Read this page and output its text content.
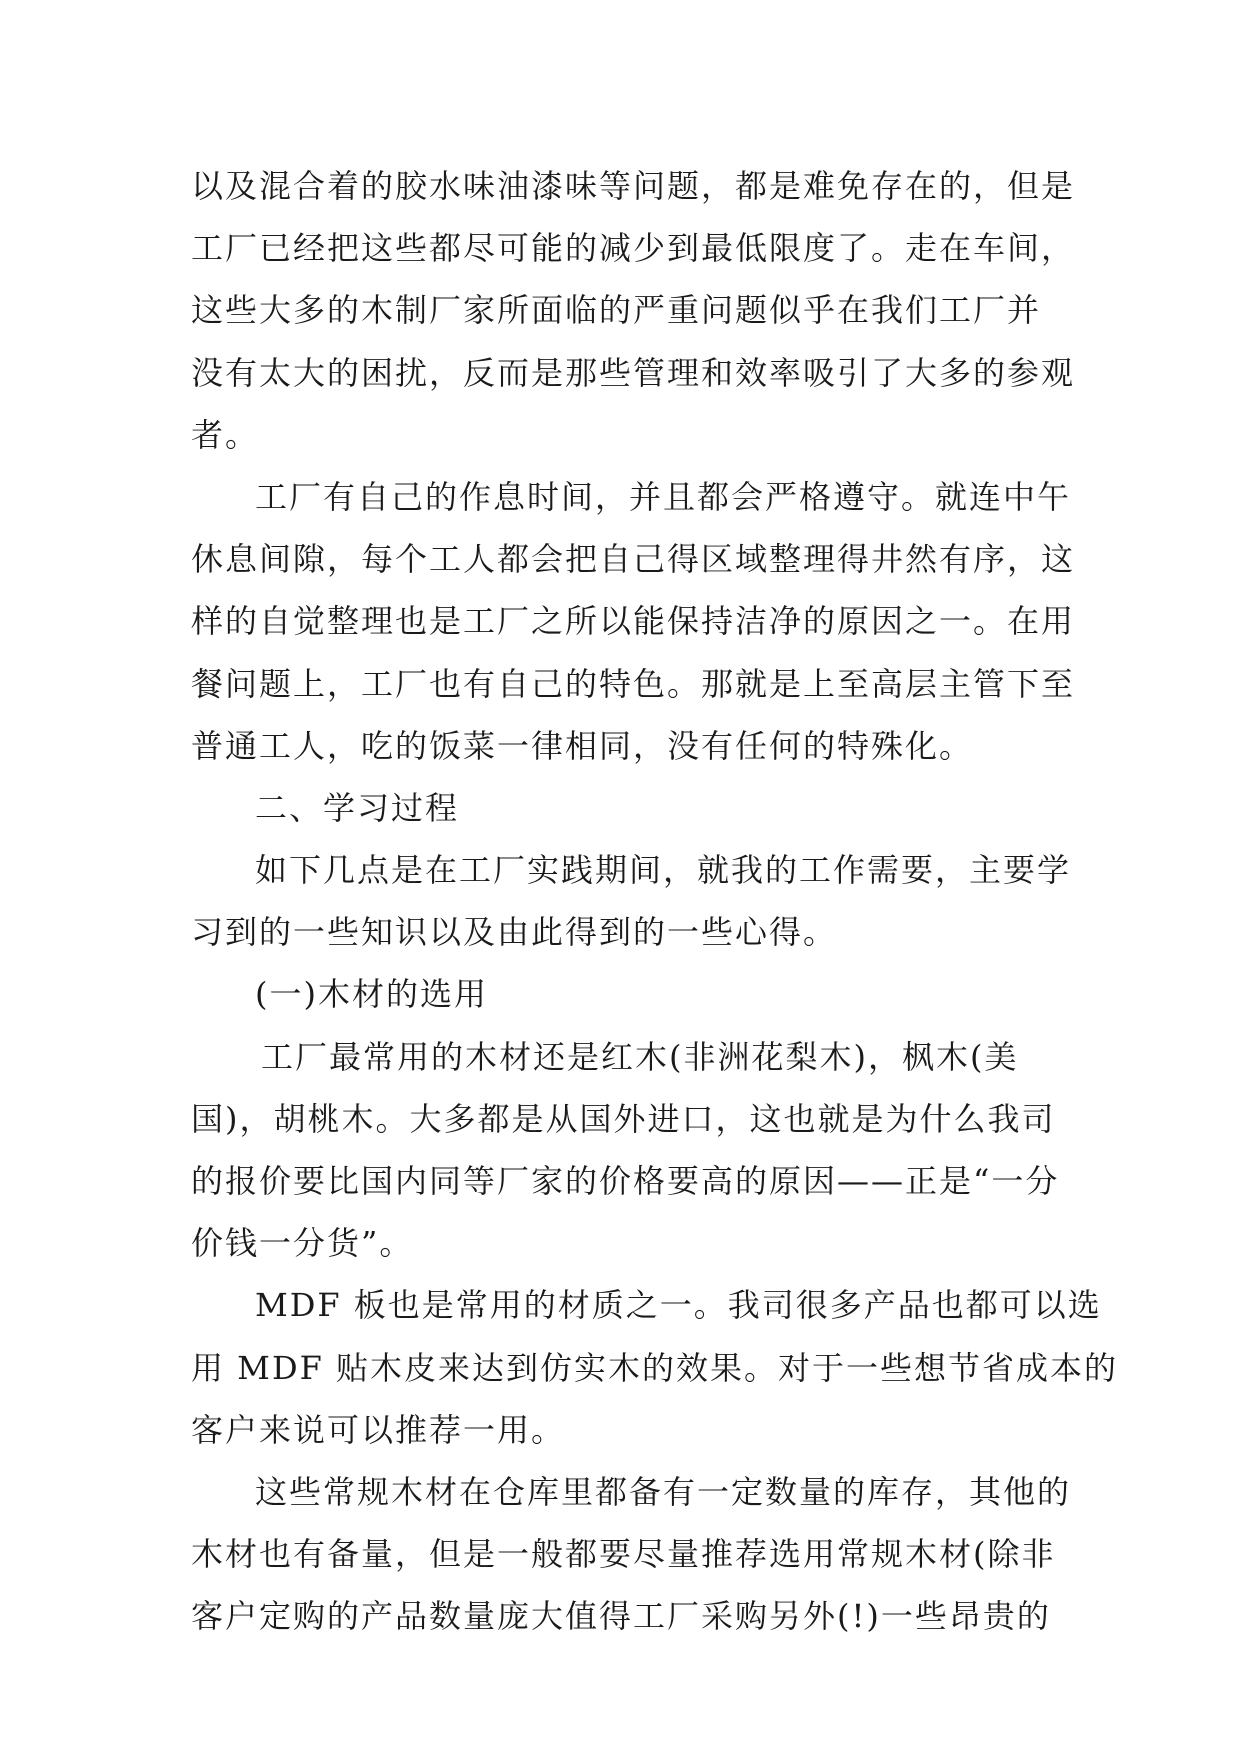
以及混合着的胶水味油漆味等问题，都是难免存在的，但是
工厂已经把这些都尽可能的减少到最低限度了。走在车间，
这些大多的木制厂家所面临的严重问题似乎在我们工厂并
没有太大的困扰，反而是那些管理和效率吸引了大多的参观
者。
工厂有自己的作息时间，并且都会严格遵守。就连中午
休息间隙，每个工人都会把自己得区域整理得井然有序，这
样的自觉整理也是工厂之所以能保持洁净的原因之一。在用
餐问题上，工厂也有自己的特色。那就是上至高层主管下至
普通工人，吃的饭菜一律相同，没有任何的特殊化。
二、学习过程
如下几点是在工厂实践期间，就我的工作需要，主要学
习到的一些知识以及由此得到的一些心得。
(一)木材的选用
工厂最常用的木材还是红木(非洲花梨木)，枫木(美
国)，胡桃木。大多都是从国外进口，这也就是为什么我司
的报价要比国内同等厂家的价格要高的原因——正是“一分
价钱一分货”。
MDF 板也是常用的材质之一。我司很多产品也都可以选
用 MDF 贴木皮来达到仿实木的效果。对于一些想节省成本的
客户来说可以推荐一用。
这些常规木材在仓库里都备有一定数量的库存，其他的
木材也有备量，但是一般都要尽量推荐选用常规木材(除非
客户定购的产品数量庞大值得工厂采购另外(!)一些昂贵的
